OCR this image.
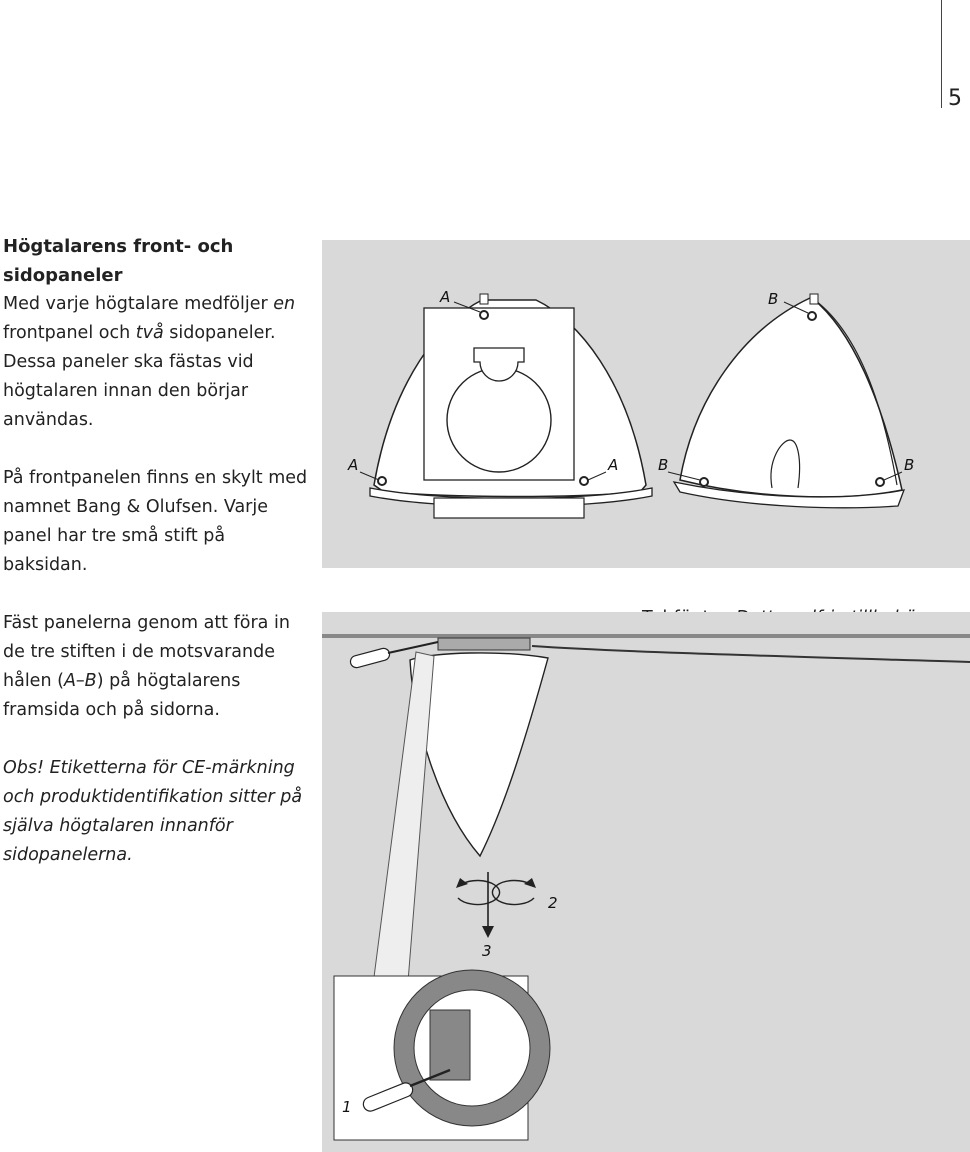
5

Högtalarens front- och
sidopaneler

Med varje högtalare medföljer en
frontpanel och två sidopaneler.
Dessa paneler ska fästas vid
högtalaren innan den börjar
användas.

På frontpanelen finns en skylt med
namnet Bang & Olufsen. Varje
panel har tre små stift på baksidan.

Fäst panelerna genom att föra in
de tre stiften i de motsvarande
hålen (A–B) på högtalarens
framsida och på sidorna.

Obs! Etiketterna för CE-märkning
och produktidentifikation sitter på
själva högtalaren innanför
sidopanelerna.

A	B
A	A	B	B
1
2
3
